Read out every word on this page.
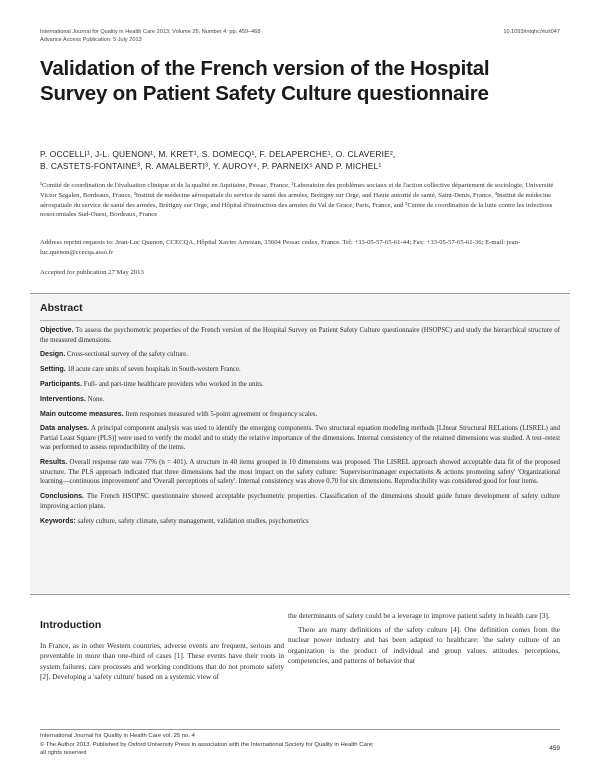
International Journal for Quality in Health Care 2013; Volume 25, Number 4: pp. 459–468
Advance Access Publication: 5 July 2013
10.1093/intqhc/mzt047
Validation of the French version of the Hospital Survey on Patient Safety Culture questionnaire
P. OCCELLI¹, J-L. QUENON¹, M. KRET¹, S. DOMECQ¹, F. DELAPERCHE¹, O. CLAVERIE²,
B. CASTETS-FONTAINE³, R. AMALBERTI³, Y. AUROY⁴, P. PARNEIX⁵ AND P. MICHEL¹
¹Comité de coordination de l'évaluation clinique et de la qualité en Aquitaine, Pessac, France, ²Laboratoire des problèmes sociaux et de l'action collective département de sociologie, Université Victor Segalen, Bordeaux, France, ³Institut de médecine aérospatiale du service de santé des armées, Brétigny sur Orge, and Haute autorité de santé, Saint-Denis, France, ⁴Institut de médecine aérospatiale du service de santé des armées, Brétigny sur Orge, and Hôpital d'instruction des armées du Val de Grace, Paris, France, and ⁵Centre de coordination de la lutte contre les infections nosocomiales Sud-Ouest, Bordeaux, France
Address reprint requests to: Jean-Luc Quenon, CCECQA, Hôpital Xavier Arnozan, 33604 Pessac cedex, France. Tel: +33-05-57-65-61-44; Fax: +33-05-57-65-61-36; E-mail: jean-luc.quenon@ccecqa.asso.fr
Accepted for publication 27 May 2013
Abstract

Objective. To assess the psychometric properties of the French version of the Hospital Survey on Patient Safety Culture questionnaire (HSOPSC) and study the hierarchical structure of the measured dimensions.

Design. Cross-sectional survey of the safety culture.

Setting. 18 acute care units of seven hospitals in South-western France.

Participants. Full- and part-time healthcare providers who worked in the units.

Interventions. None.

Main outcome measures. Item responses measured with 5-point agreement or frequency scales.

Data analyses. A principal component analysis was used to identify the emerging components. Two structural equation modeling methods [LInear Structural RELations (LISREL) and Partial Least Square (PLS)] were used to verify the model and to study the relative importance of the dimensions. Internal consistency of the retained dimensions was studied. A test–retest was performed to assess reproducibility of the items.

Results. Overall response rate was 77% (n = 401). A structure in 40 items grouped in 10 dimensions was proposed. The LISREL approach showed acceptable data fit of the proposed structure. The PLS approach indicated that three dimensions had the most impact on the safety culture: 'Supervisor/manager expectations & actions promoting safety' 'Organizational learning—continuous improvement' and 'Overall perceptions of safety'. Internal consistency was above 0.70 for six dimensions. Reproducibility was considered good for four items.

Conclusions. The French HSOPSC questionnaire showed acceptable psychometric properties. Classification of the dimensions should guide future development of safety culture improving action plans.

Keywords: safety culture, safety climate, safety management, validation studies, psychometrics

Introduction

In France, as in other Western countries, adverse events are frequent, serious and preventable in more than one-third of cases [1]. These events have their roots in system failures, care processes and working conditions that do not promote safety [2]. Developing a 'safety culture' based on a systemic view of

the determinants of safety could be a leverage to improve patient safety in health care [3].

There are many definitions of the safety culture [4]. One definition comes from the nuclear power industry and has been adapted to healthcare: 'the safety culture of an organization is the product of individual and group values, attitudes, perceptions, competencies, and patterns of behavior that

International Journal for Quality in Health Care vol. 25 no. 4
© The Author 2013. Published by Oxford University Press in association with the International Society for Quality in Health Care;
all rights reserved
459
